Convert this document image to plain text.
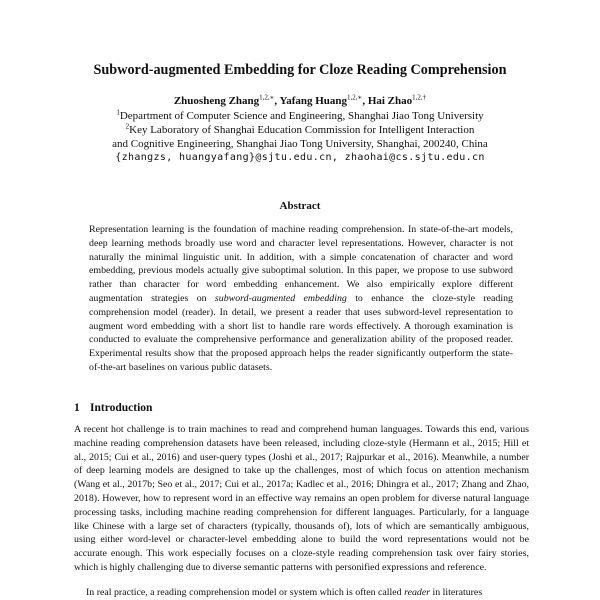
Subword-augmented Embedding for Cloze Reading Comprehension
Zhuosheng Zhang$^{1,2,∗}$, Yafang Huang$^{1,2,∗}$, Hai Zhao$^{1,2,\dagger}$
$^1$Department of Computer Science and Engineering, Shanghai Jiao Tong University
$^2$Key Laboratory of Shanghai Education Commission for Intelligent Interaction
and Cognitive Engineering, Shanghai Jiao Tong University, Shanghai, 200240, China
{zhangzs, huangyafang}@sjtu.edu.cn, zhaohai@cs.sjtu.edu.cn
Abstract

Representation learning is the foundation of machine reading comprehension. In state-of-the-art models, deep learning methods broadly use word and character level representations. However, character is not naturally the minimal linguistic unit. In addition, with a simple concatenation of character and word embedding, previous models actually give suboptimal solution. In this paper, we propose to use subword rather than character for word embedding enhancement. We also empirically explore different augmentation strategies on subword-augmented embedding to enhance the cloze-style reading comprehension model (reader). In detail, we present a reader that uses subword-level representation to augment word embedding with a short list to handle rare words effectively. A thorough examination is conducted to evaluate the comprehensive performance and generalization ability of the proposed reader. Experimental results show that the proposed approach helps the reader significantly outperform the state-of-the-art baselines on various public datasets.

1 Introduction

A recent hot challenge is to train machines to read and comprehend human languages. Towards this end, various machine reading comprehension datasets have been released, including cloze-style (Hermann et al., 2015; Hill et al., 2015; Cui et al., 2016) and user-query types (Joshi et al., 2017; Rajpurkar et al., 2016). Meanwhile, a number of deep learning models are designed to take up the challenges, most of which focus on attention mechanism (Wang et al., 2017b; Seo et al., 2017; Cui et al., 2017a; Kadlec et al., 2016; Dhingra et al., 2017; Zhang and Zhao, 2018). However, how to represent word in an effective way remains an open problem for diverse natural language processing tasks, including machine reading comprehension for different languages. Particularly, for a language like Chinese with a large set of characters (typically, thousands of), lots of which are semantically ambiguous, using either word-level or character-level embedding alone to build the word representations would not be accurate enough. This work especially focuses on a cloze-style reading comprehension task over fairy stories, which is highly challenging due to diverse semantic patterns with personified expressions and reference.

In real practice, a reading comprehension model or system which is often called reader in literatures
